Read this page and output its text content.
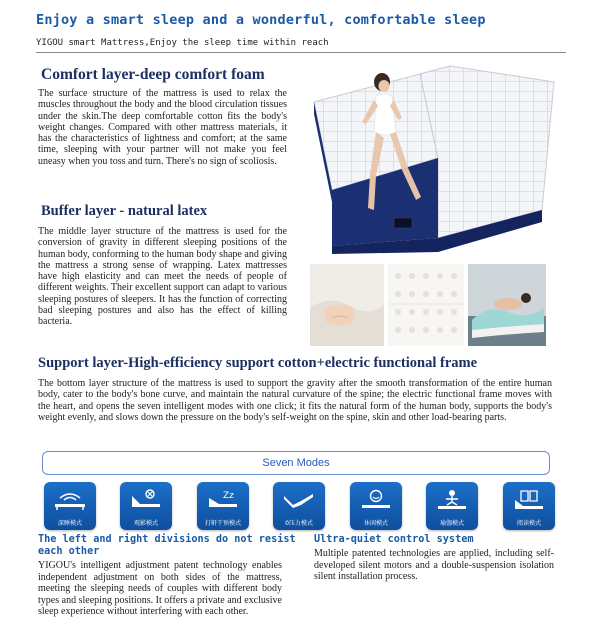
Enjoy a smart sleep and a wonderful, comfortable sleep
YIGOU smart Mattress,Enjoy the sleep time within reach
Comfort layer-deep comfort foam

The surface structure of the mattress is used to relax the muscles throughout the body and the blood circulation tissues under the skin.The deep comfortable cotton fits the body's weight changes. Compared with other mattress materials, it has the characteristics of lightness and comfort; at the same time, sleeping with your partner will not make you feel uneasy when you toss and turn. There's no sign of scoliosis.

Buffer layer - natural latex

The middle layer structure of the mattress is used for the conversion of gravity in different sleeping positions of the human body, conforming to the human body shape and giving the mattress a strong sense of wrapping. Latex mattresses have high elasticity and can meet the needs of people of different weights. Their excellent support can adapt to various sleeping postures of sleepers. It has the function of correcting bad sleeping postures and also has the effect of killing bacteria.

Support layer-High-efficiency support cotton+electric functional frame

The bottom layer structure of the mattress is used to support the gravity after the smooth transformation of the entire human body, cater to the body's bone curve, and maintain the natural curvature of the spine; the electric functional frame moves with the heart, and opens the seven intelligent modes with one click; it fits the natural form of the human body, supports the body's weight evenly, and slows down the pressure on the body's self-weight on the spine, skin and other load-bearing parts.

Seven Modes
深睡模式	观影模式
Zz
打鼾干预模式	0压力模式	休闲模式	瑜伽模式	阅读模式
The left and right divisions do not resist each other

YIGOU's intelligent adjustment patent technology enables independent adjustment on both sides of the mattress, meeting the sleeping needs of couples with different body types and sleeping positions. It offers a private and exclusive sleep experience without interfering with each other.

Ultra-quiet control system

Multiple patented technologies are applied, including self-developed silent motors and a double-suspension isolation silent installation process.
